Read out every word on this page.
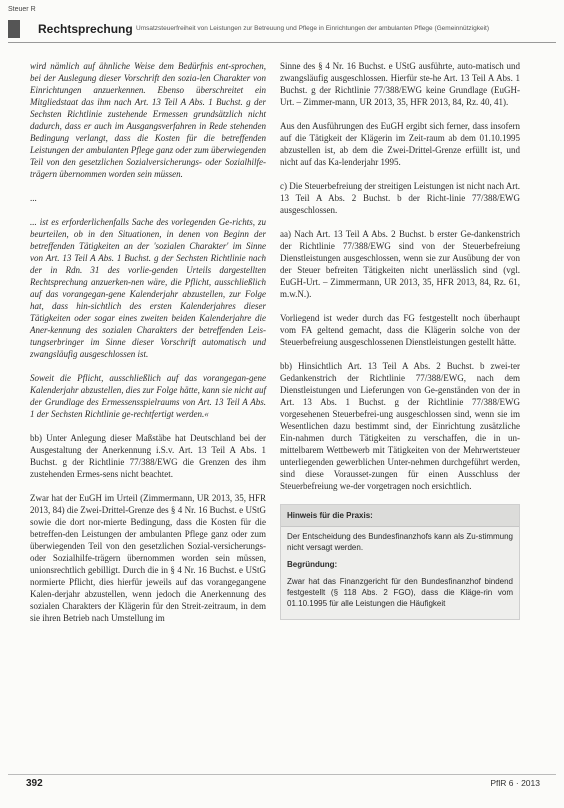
Steuer R
Rechtsprechung Umsatzsteuerfreiheit von Leistungen zur Betreuung und Pflege in Einrichtungen der ambulanten Pflege (Gemeinnützigkeit)

wird nämlich auf ähnliche Weise dem Bedürfnis ent-sprochen, bei der Auslegung dieser Vorschrift den sozia-len Charakter von Einrichtungen anzuerkennen. Ebenso überschreitet ein Mitgliedstaat das ihm nach Art. 13 Teil A Abs. 1 Buchst. g der Sechsten Richtlinie zustehende Ermessen grundsätzlich nicht dadurch, dass er auch im Ausgangsverfahren in Rede stehenden Bedingung verlangt, dass die Kosten für die betreffenden Leistungen der ambulanten Pflege ganz oder zum überwiegenden Teil von den gesetzlichen Sozialversicherungs- oder Sozialhilfe-trägern übernommen worden sein müssen.

...

... ist es erforderlichenfalls Sache des vorlegenden Ge-richts, zu beurteilen, ob in den Situationen, in denen von Beginn der betreffenden Tätigkeiten an der 'sozialen Charakter' im Sinne von Art. 13 Teil A Abs. 1 Buchst. g der Sechsten Richtlinie nach der in Rdn. 31 des vorlie-genden Urteils dargestellten Rechtsprechung anzuerken-nen wäre, die Pflicht, ausschließlich auf das vorangegan-gene Kalenderjahr abzustellen, zur Folge hat, dass hin-sichtlich des ersten Kalenderjahres dieser Tätigkeiten oder sogar eines zweiten beiden Kalenderjahre die Aner-kennung des sozialen Charakters der betreffenden Leis-tungserbringer im Sinne dieser Vorschrift automatisch und zwangsläufig ausgeschlossen ist.

Soweit die Pflicht, ausschließlich auf das vorangegan-gene Kalenderjahr abzustellen, dies zur Folge hätte, kann sie nicht auf der Grundlage des Ermessensspielraums von Art. 13 Teil A Abs. 1 der Sechsten Richtlinie ge-rechtfertigt werden.«

bb) Unter Anlegung dieser Maßstäbe hat Deutschland bei der Ausgestaltung der Anerkennung i.S.v. Art. 13 Teil A Abs. 1 Buchst. g der Richtlinie 77/388/EWG die Grenzen des ihm zustehenden Ermes-sens nicht beachtet.

Zwar hat der EuGH im Urteil (Zimmermann, UR 2013, 35, HFR 2013, 84) die Zwei-Drittel-Grenze des § 4 Nr. 16 Buchst. e UStG sowie die dort nor-mierte Bedingung, dass die Kosten für die betreffen-den Leistungen der ambulanten Pflege ganz oder zum überwiegenden Teil von den gesetzlichen Sozial-versicherungs- oder Sozialhilfe-trägern übernommen worden sein müssen, unionsrechtlich gebilligt. Durch die in § 4 Nr. 16 Buchst. e UStG normierte Pflicht, dies hierfür jeweils auf das vorangegangene Kalen-derjahr abzustellen, wenn jedoch die Anerkennung des sozialen Charakters der Klägerin für den Streit-zeitraum, in dem sie ihren Betrieb nach Umstellung im

Sinne des § 4 Nr. 16 Buchst. e UStG ausführte, auto-matisch und zwangsläufig ausgeschlossen. Hierfür ste-he Art. 13 Teil A Abs. 1 Buchst. g der Richtlinie 77/388/EWG keine Grundlage (EuGH-Urt. – Zimmer-mann, UR 2013, 35, HFR 2013, 84, Rz. 40, 41).

Aus den Ausführungen des EuGH ergibt sich ferner, dass insofern auf die Tätigkeit der Klägerin im Zeit-raum ab dem 01.10.1995 abzustellen ist, ab dem die Zwei-Drittel-Grenze erfüllt ist, und nicht auf das Ka-lenderjahr 1995.

c) Die Steuerbefreiung der streitigen Leistungen ist nicht nach Art. 13 Teil A Abs. 2 Buchst. b der Richt-linie 77/388/EWG ausgeschlossen.

aa) Nach Art. 13 Teil A Abs. 2 Buchst. b erster Ge-dankenstrich der Richtlinie 77/388/EWG sind von der Steuerbefreiung Dienstleistungen ausgeschlossen, wenn sie zur Ausübung der von der Steuer befreiten Tätigkeiten nicht unerlässlich sind (vgl. EuGH-Urt. – Zimmermann, UR 2013, 35, HFR 2013, 84, Rz. 61, m.w.N.).

Vorliegend ist weder durch das FG festgestellt noch überhaupt vom FA geltend gemacht, dass die Klägerin solche von der Steuerbefreiung ausgeschlossenen Dienstleistungen gestellt hätte.

bb) Hinsichtlich Art. 13 Teil A Abs. 2 Buchst. b zwei-ter Gedankenstrich der Richtlinie 77/388/EWG, nach dem Dienstleistungen und Lieferungen von Ge-genständen von der in Art. 13 Abs. 1 Buchst. g der Richtlinie 77/388/EWG vorgesehenen Steuerbefrei-ung ausgeschlossen sind, wenn sie im Wesentlichen dazu bestimmt sind, der Einrichtung zusätzliche Ein-nahmen durch Tätigkeiten zu verschaffen, die in un-mittelbarem Wettbewerb mit Tätigkeiten von der Mehrwertsteuer unterliegenden gewerblichen Unter-nehmen durchgeführt werden, sind diese Vorausset-zungen für einen Ausschluss der Steuerbefreiung we-der vorgetragen noch ersichtlich.

Hinweis für die Praxis:

Der Entscheidung des Bundesfinanzhofs kann als Zu-stimmung nicht versagt werden.

Begründung:

Zwar hat das Finanzgericht für den Bundesfinanzhof bindend festgestellt (§ 118 Abs. 2 FGO), dass die Kläge-rin vom 01.10.1995 für alle Leistungen die Häufigkeit

392	PflR 6 · 2013
